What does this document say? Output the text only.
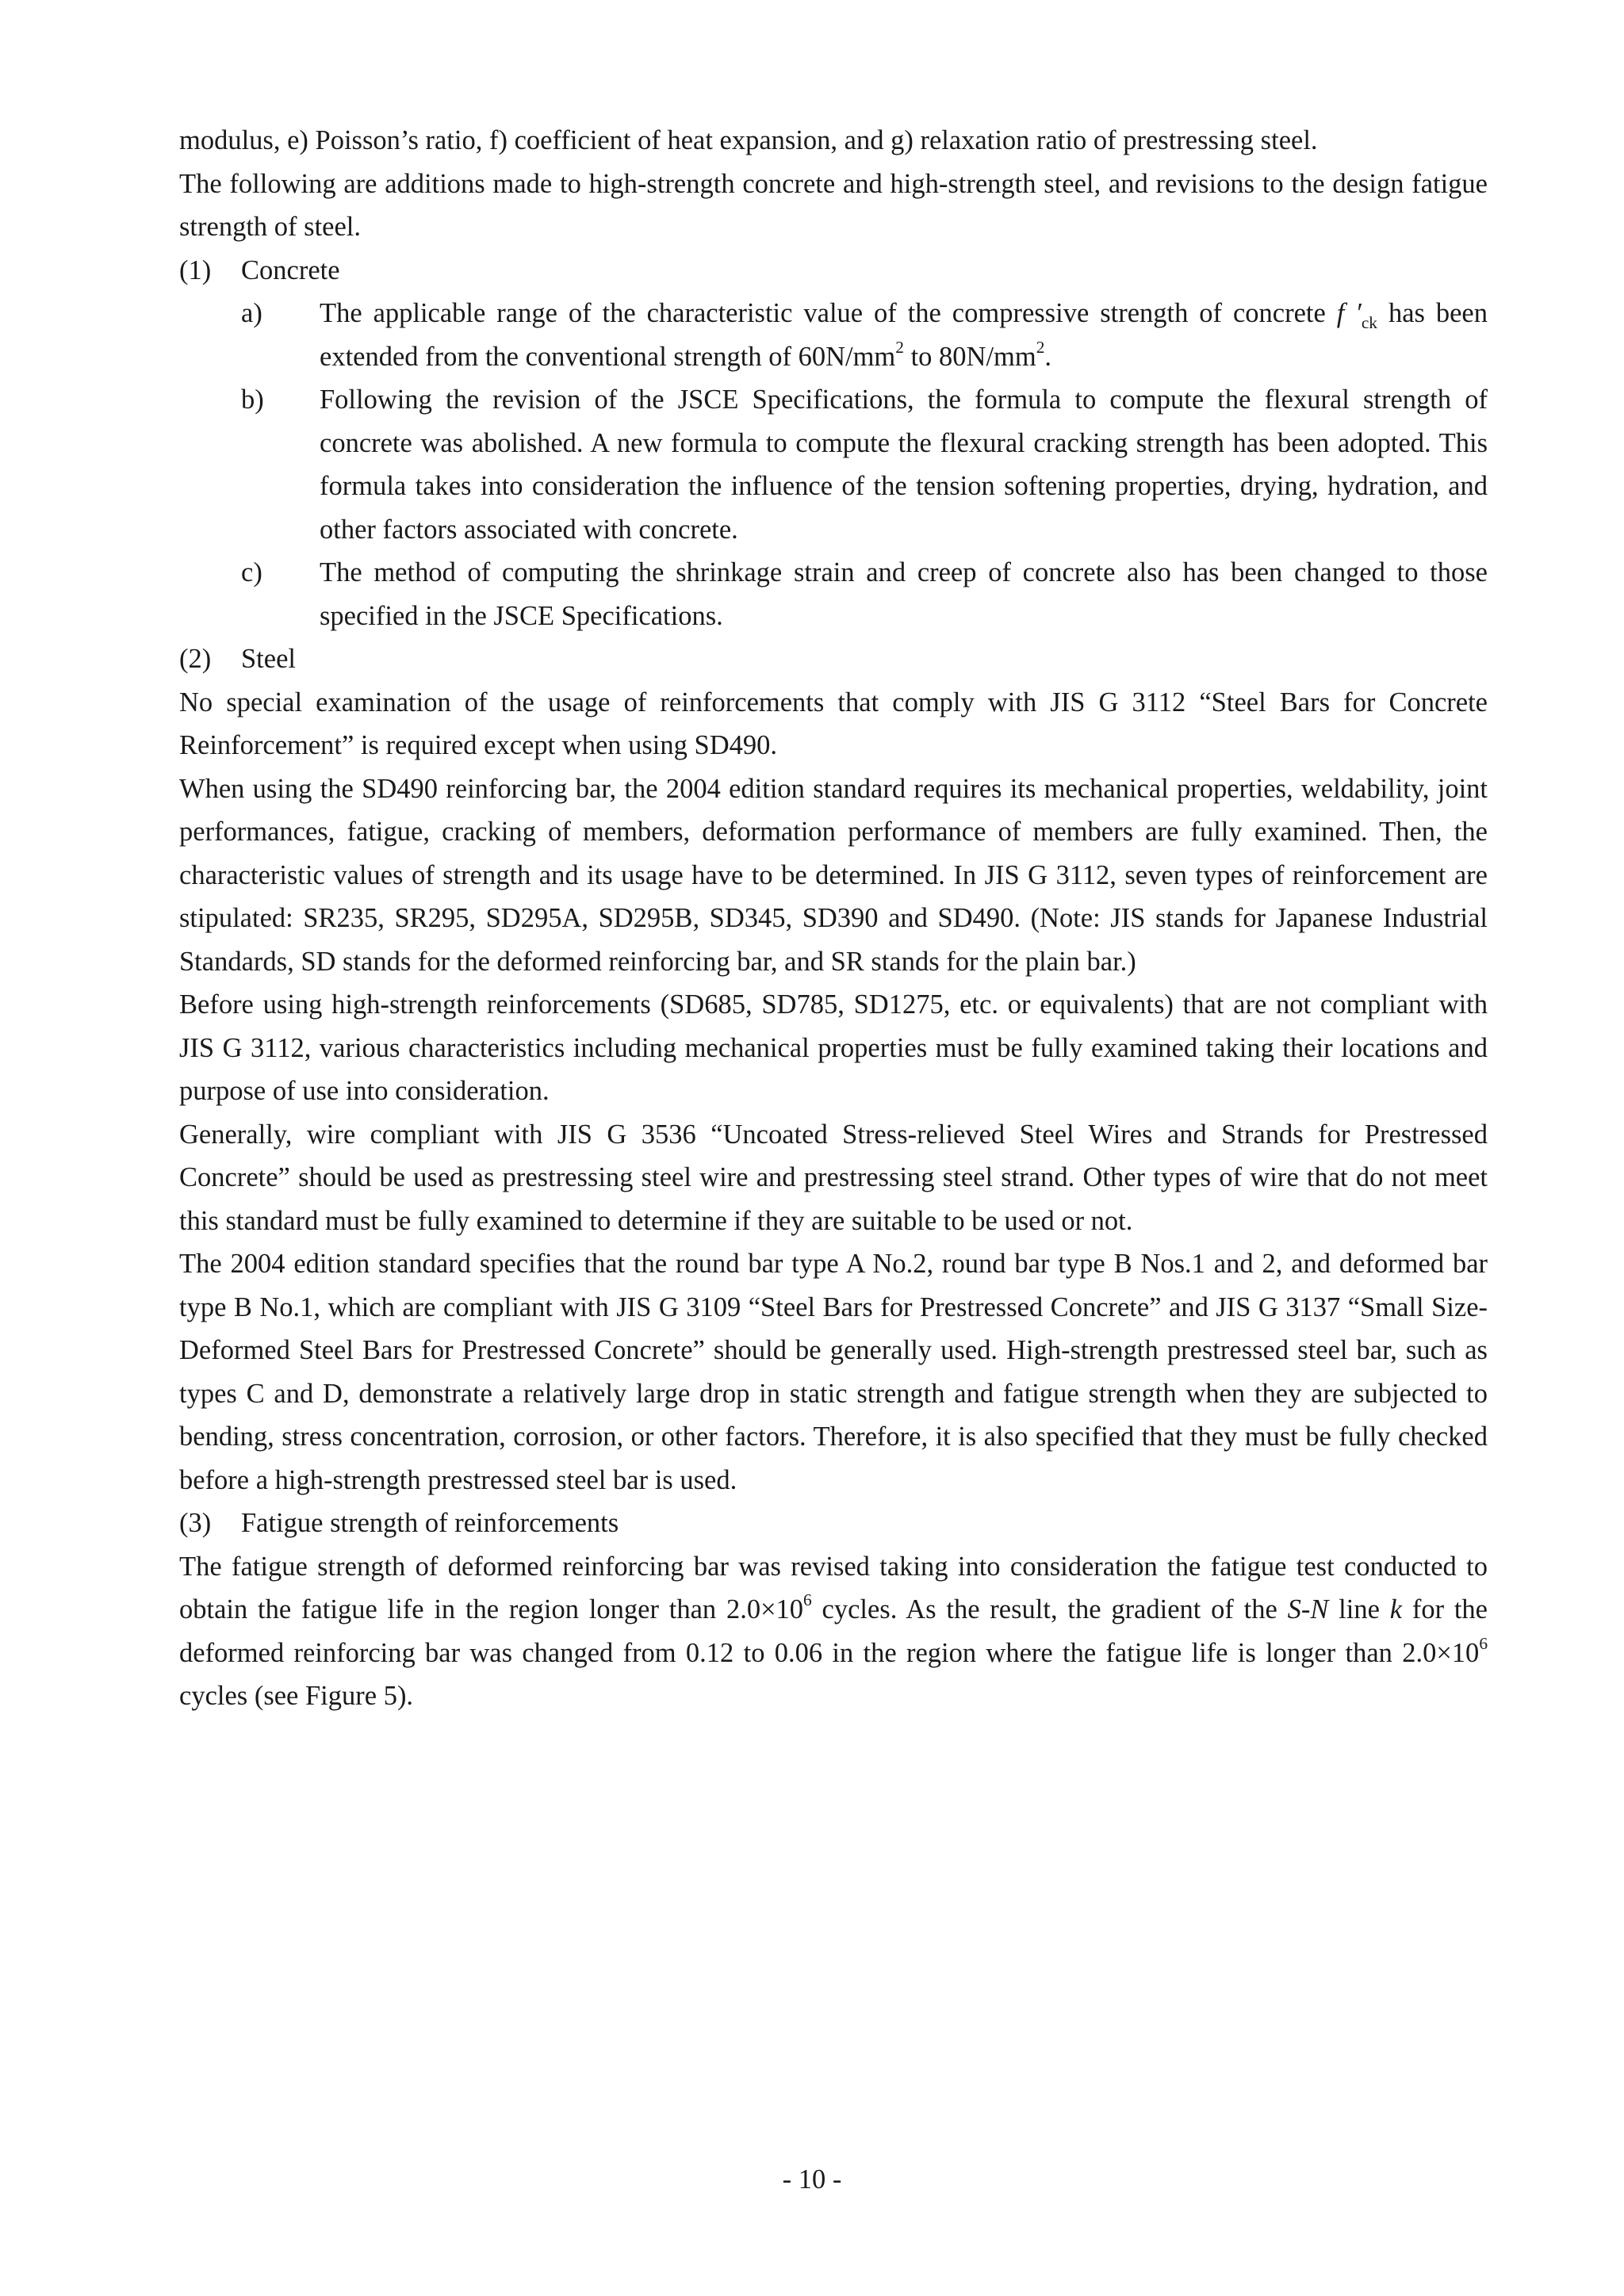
modulus, e) Poisson’s ratio, f) coefficient of heat expansion, and g) relaxation ratio of prestressing steel.

The following are additions made to high-strength concrete and high-strength steel, and revisions to the design fatigue strength of steel.

(1) Concrete

a)	The applicable range of the characteristic value of the compressive strength of concrete f $'_{ck}$ has been extended from the conventional strength of $60N/mm^2$ to $80N/mm^2$.
b)	Following the revision of the JSCE Specifications, the formula to compute the flexural strength of concrete was abolished. A new formula to compute the flexural cracking strength has been adopted. This formula takes into consideration the influence of the tension softening properties, drying, hydration, and other factors associated with concrete.
c)	The method of computing the shrinkage strain and creep of concrete also has been changed to those specified in the JSCE Specifications.

(2) Steel

No special examination of the usage of reinforcements that comply with JIS G 3112 “Steel Bars for Concrete Reinforcement” is required except when using SD490.

When using the SD490 reinforcing bar, the 2004 edition standard requires its mechanical properties, weldability, joint performances, fatigue, cracking of members, deformation performance of members are fully examined. Then, the characteristic values of strength and its usage have to be determined. In JIS G 3112, seven types of reinforcement are stipulated: SR235, SR295, SD295A, SD295B, SD345, SD390 and SD490. (Note: JIS stands for Japanese Industrial Standards, SD stands for the deformed reinforcing bar, and SR stands for the plain bar.)

Before using high-strength reinforcements (SD685, SD785, SD1275, etc. or equivalents) that are not compliant with JIS G 3112, various characteristics including mechanical properties must be fully examined taking their locations and purpose of use into consideration.

Generally, wire compliant with JIS G 3536 “Uncoated Stress-relieved Steel Wires and Strands for Prestressed Concrete” should be used as prestressing steel wire and prestressing steel strand. Other types of wire that do not meet this standard must be fully examined to determine if they are suitable to be used or not.

The 2004 edition standard specifies that the round bar type A No.2, round bar type B Nos.1 and 2, and deformed bar type B No.1, which are compliant with JIS G 3109 “Steel Bars for Prestressed Concrete” and JIS G 3137 “Small Size-Deformed Steel Bars for Prestressed Concrete” should be generally used. High-strength prestressed steel bar, such as types C and D, demonstrate a relatively large drop in static strength and fatigue strength when they are subjected to bending, stress concentration, corrosion, or other factors. Therefore, it is also specified that they must be fully checked before a high-strength prestressed steel bar is used.

(3) Fatigue strength of reinforcements

The fatigue strength of deformed reinforcing bar was revised taking into consideration the fatigue test conducted to obtain the fatigue life in the region longer than $2.0\times 10^6$ cycles. As the result, the gradient of the S-N line k for the deformed reinforcing bar was changed from 0.12 to 0.06 in the region where the fatigue life is longer than $2.0\times 10^6$ cycles (see Figure 5).

- 10 -
